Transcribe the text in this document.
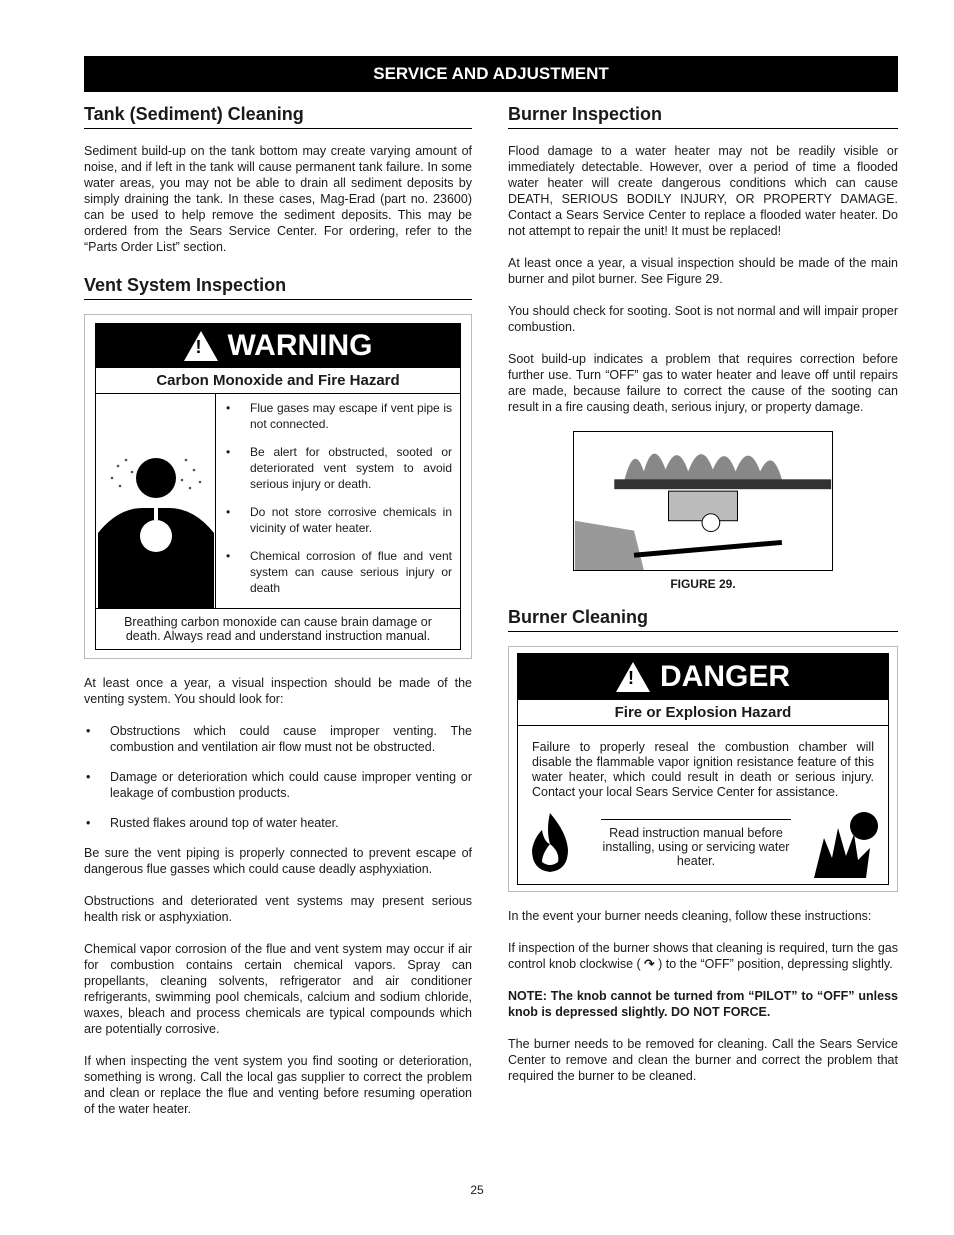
SERVICE AND ADJUSTMENT
Tank (Sediment) Cleaning

Sediment build-up on the tank bottom may create varying amount of noise, and if left in the tank will cause permanent tank failure. In some water areas, you may not be able to drain all sediment deposits by simply draining the tank. In these cases, Mag-Erad (part no. 23600) can be used to help remove the sediment deposits. This may be ordered from the Sears Service Center. For ordering, refer to the “Parts Order List” section.

Vent System Inspection
! WARNING
Carbon Monoxide and Fire Hazard
• Flue gases may escape if vent pipe is not connected.
• Be alert for obstructed, sooted or deteriorated vent system to avoid serious injury or death.
• Do not store corrosive chemicals in vicinity of water heater.
• Chemical corrosion of flue and vent system can cause serious injury or death
Breathing carbon monoxide can cause brain damage or death. Always read and understand instruction manual.

At least once a year, a visual inspection should be made of the venting system. You should look for:

• Obstructions which could cause improper venting. The combustion and ventilation air flow must not be obstructed.
• Damage or deterioration which could cause improper venting or leakage of combustion products.
• Rusted flakes around top of water heater.

Be sure the vent piping is properly connected to prevent escape of dangerous flue gasses which could cause deadly asphyxiation.

Obstructions and deteriorated vent systems may present serious health risk or asphyxiation.

Chemical vapor corrosion of the flue and vent system may occur if air for combustion contains certain chemical vapors. Spray can propellants, cleaning solvents, refrigerator and air conditioner refrigerants, swimming pool chemicals, calcium and sodium chloride, waxes, bleach and process chemicals are typical compounds which are potentially corrosive.

If when inspecting the vent system you find sooting or deterioration, something is wrong. Call the local gas supplier to correct the problem and clean or replace the flue and venting before resuming operation of the water heater.

Burner Inspection

Flood damage to a water heater may not be readily visible or immediately detectable. However, over a period of time a flooded water heater will create dangerous conditions which can cause DEATH, SERIOUS BODILY INJURY, OR PROPERTY DAMAGE. Contact a Sears Service Center to replace a flooded water heater. Do not attempt to repair the unit! It must be replaced!

At least once a year, a visual inspection should be made of the main burner and pilot burner. See Figure 29.

You should check for sooting. Soot is not normal and will impair proper combustion.

Soot build-up indicates a problem that requires correction before further use. Turn “OFF” gas to water heater and leave off until repairs are made, because failure to correct the cause of the sooting can result in a fire causing death, serious injury, or property damage.

FIGURE 29.
Burner Cleaning
! DANGER
Fire or Explosion Hazard
Failure to properly reseal the combustion chamber will disable the flammable vapor ignition resistance feature of this water heater, which could result in death or serious injury. Contact your local Sears Service Center for assistance.
Read instruction manual before installing, using or servicing water heater.

In the event your burner needs cleaning, follow these instructions:

If inspection of the burner shows that cleaning is required, turn the gas control knob clockwise ( ↷ ) to the “OFF” position, depressing slightly.

NOTE: The knob cannot be turned from “PILOT” to “OFF” unless knob is depressed slightly. DO NOT FORCE.

The burner needs to be removed for cleaning. Call the Sears Service Center to remove and clean the burner and correct the problem that required the burner to be cleaned.

25
